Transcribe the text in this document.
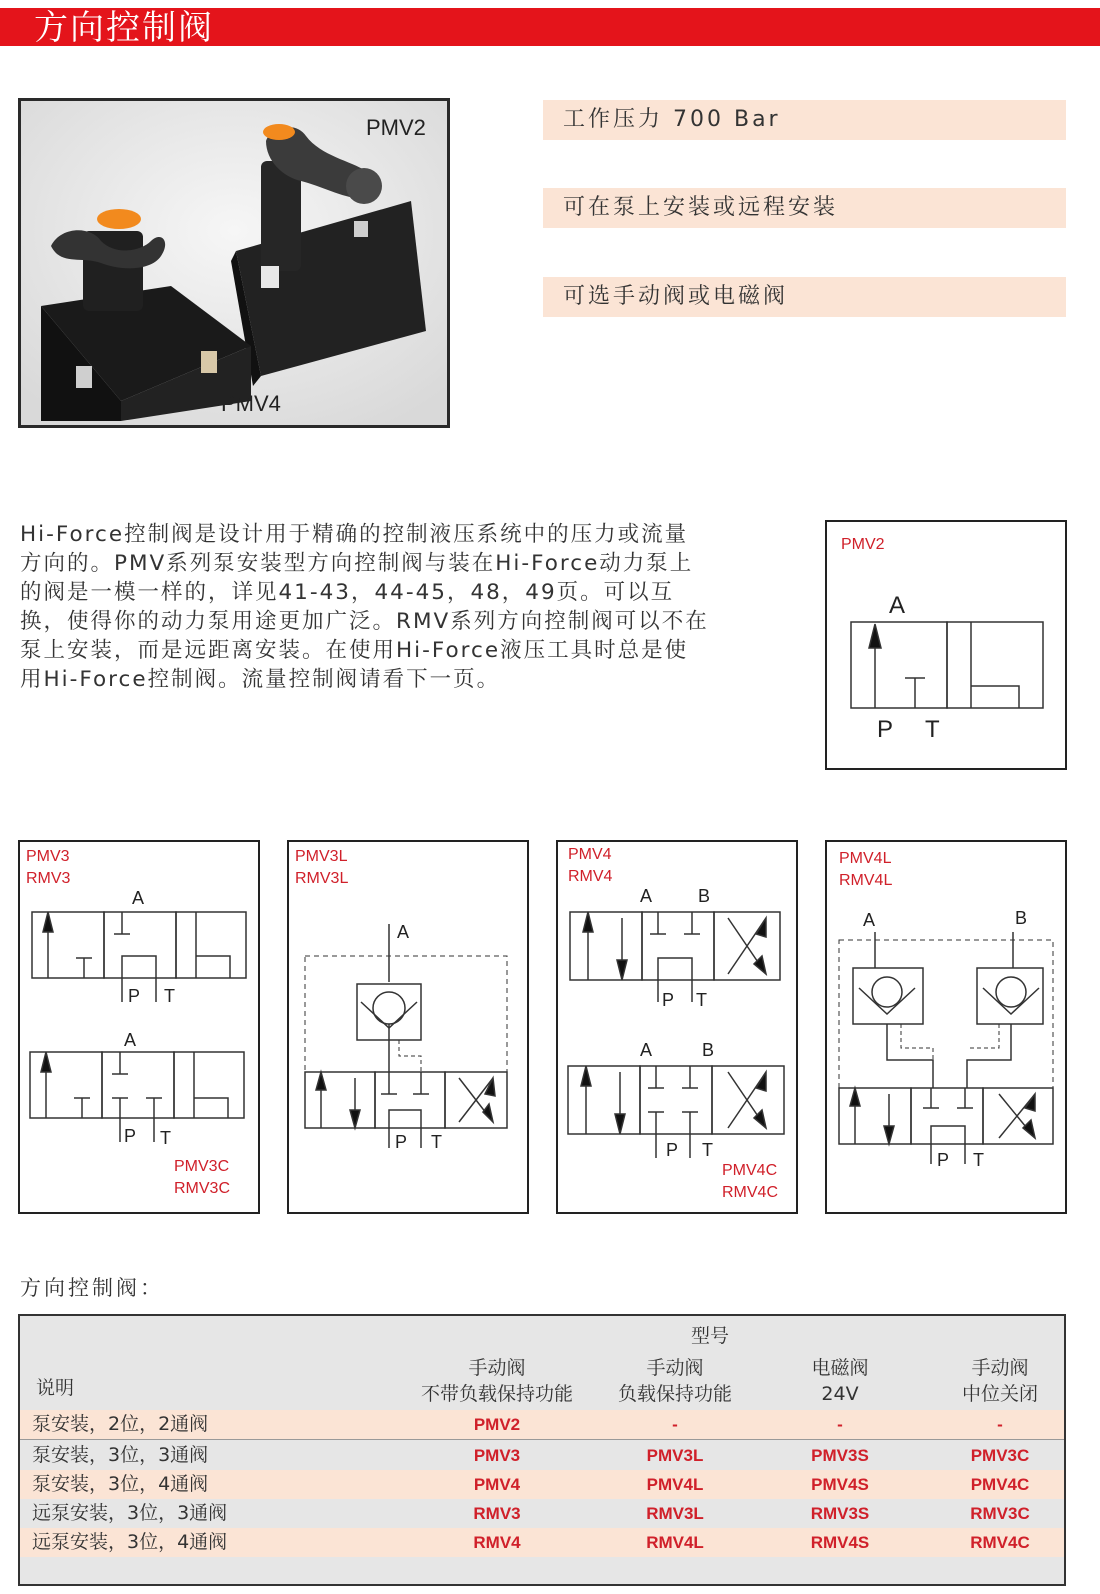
方向控制阀
PMV2
PMV4
工作压力 700 Bar
可在泵上安装或远程安装
可选手动阀或电磁阀

Hi-Force控制阀是设计用于精确的控制液压系统中的压力或流量方向的。PMV系列泵安装型方向控制阀与装在Hi-Force动力泵上的阀是一模一样的，详见41-43，44-45，48，49页。可以互换，使得你的动力泵用途更加广泛。RMV系列方向控制阀可以不在泵上安装，而是远距离安装。在使用Hi-Force液压工具时总是使用Hi-Force控制阀。流量控制阀请看下一页。

PMV2
A
P T
PMV3
RMV3
A
P T
A
P T
PMV3C
RMV3C
PMV3L
RMV3L
A
P T
PMV4
RMV4
A	B
P T
A	B
P T
PMV4C
RMV4C
PMV4L
RMV4L
A	B
P T
方向控制阀：
型号
说明
手动阀
不带负载保持功能
手动阀
负载保持功能
电磁阀
24V
手动阀
中位关闭
泵安装，2位，2通阀	PMV2	-	-	-
泵安装，3位，3通阀	PMV3	PMV3L	PMV3S	PMV3C
泵安装，3位，4通阀	PMV4	PMV4L	PMV4S	PMV4C
远泵安装，3位，3通阀	RMV3	RMV3L	RMV3S	RMV3C
远泵安装，3位，4通阀	RMV4	RMV4L	RMV4S	RMV4C
